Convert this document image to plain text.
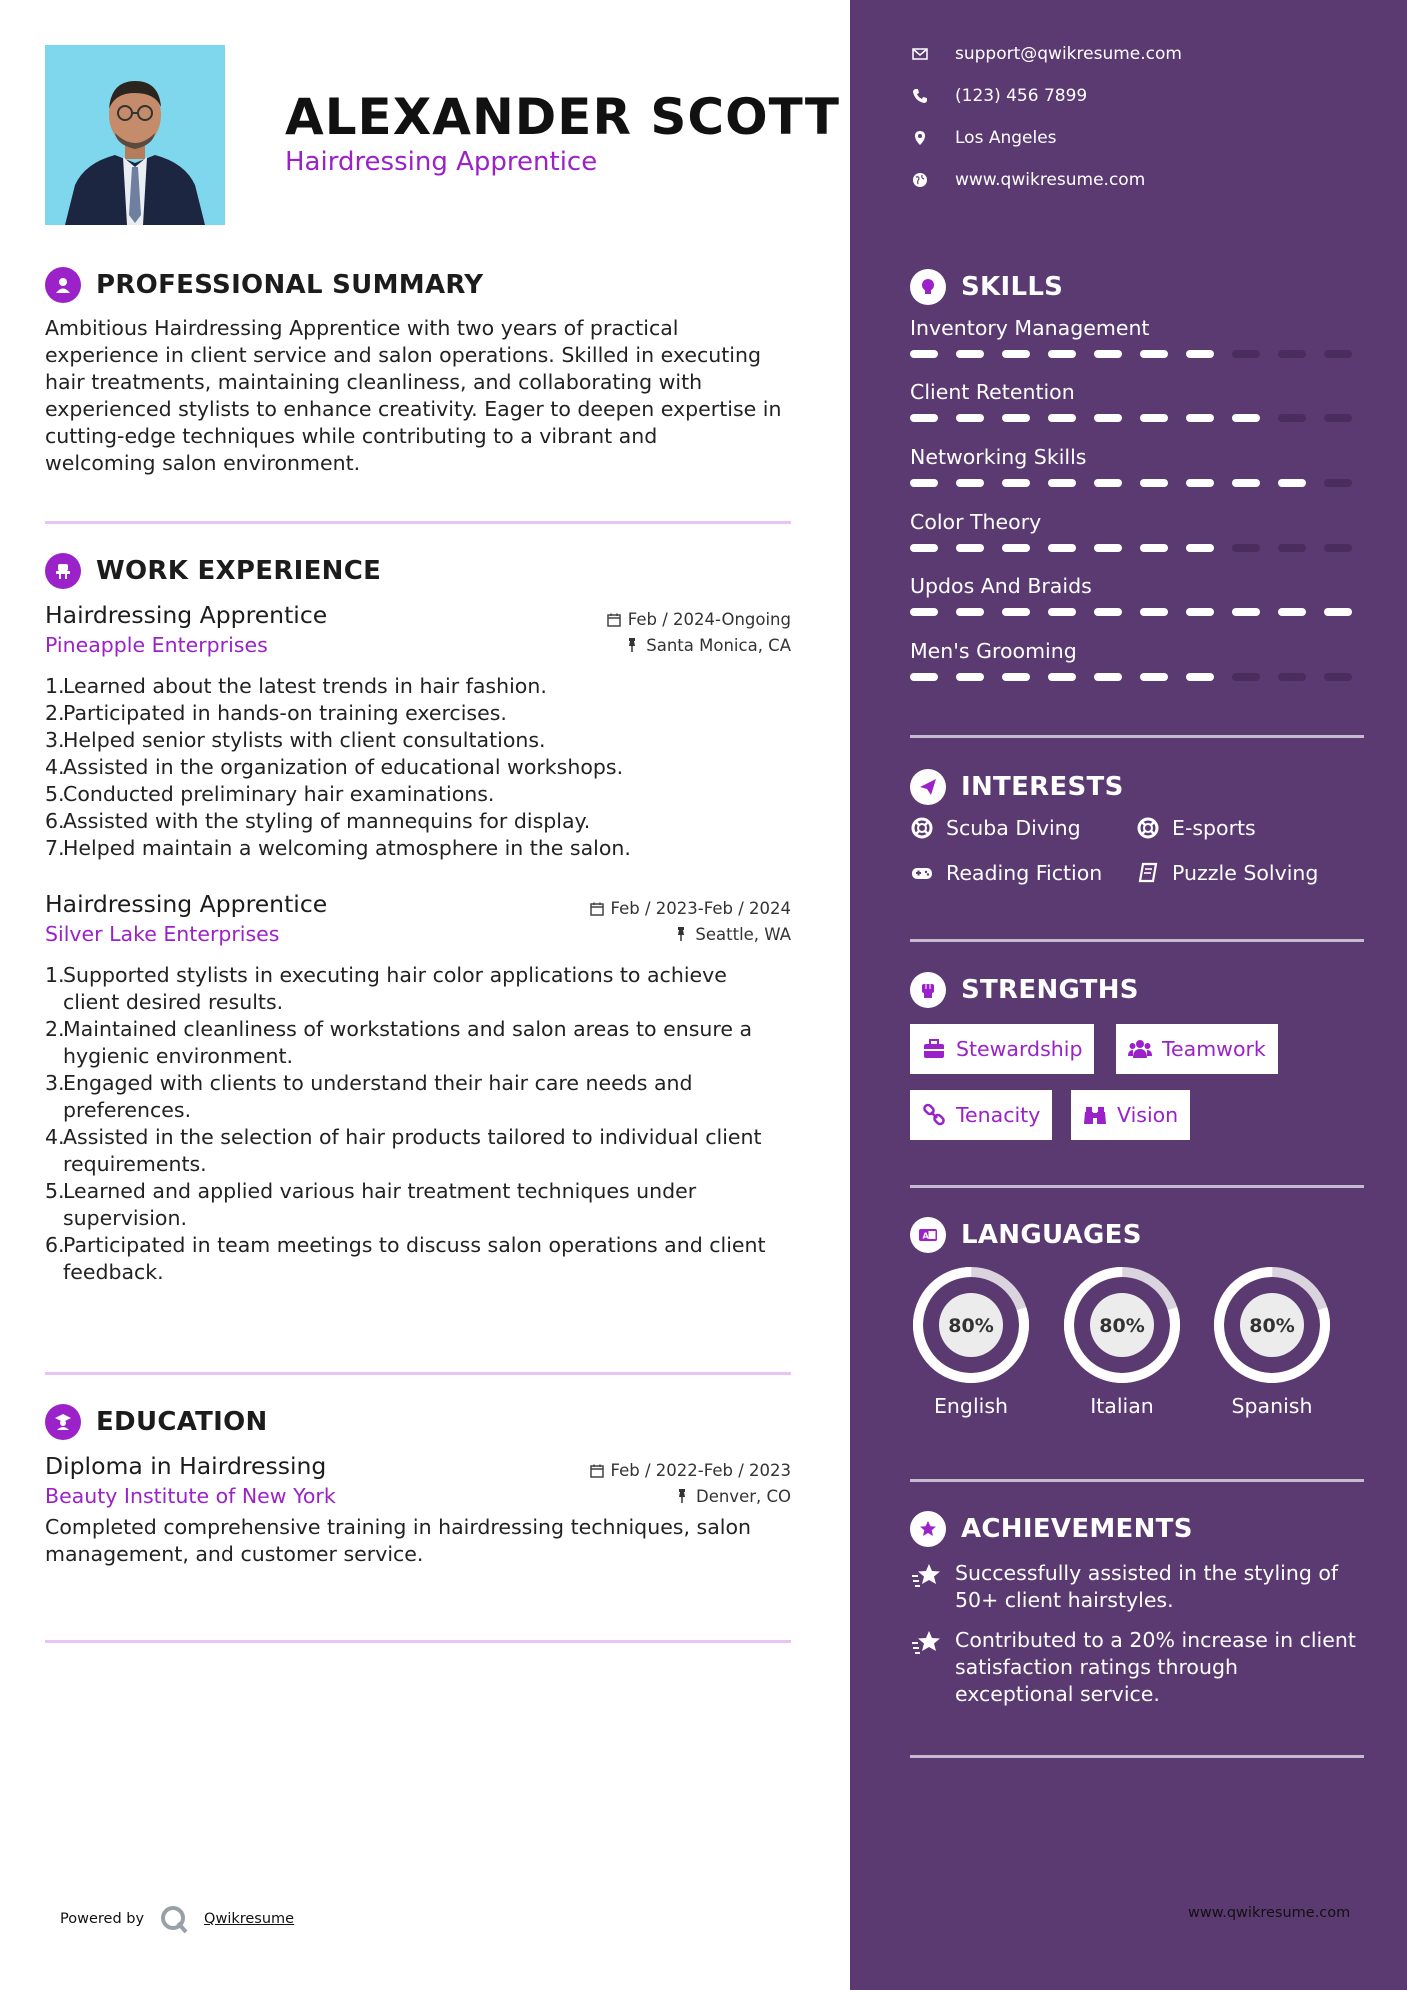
ALEXANDER SCOTT
Hairdressing Apprentice
PROFESSIONAL SUMMARY
Ambitious Hairdressing Apprentice with two years of practical
experience in client service and salon operations. Skilled in executing
hair treatments, maintaining cleanliness, and collaborating with
experienced stylists to enhance creativity. Eager to deepen expertise in
cutting-edge techniques while contributing to a vibrant and
welcoming salon environment.
WORK EXPERIENCE
Hairdressing Apprentice	Feb / 2024-Ongoing
Pineapple Enterprises	Santa Monica, CA
1.
Learned about the latest trends in hair fashion.
2.
Participated in hands-on training exercises.
3.
Helped senior stylists with client consultations.
4.
Assisted in the organization of educational workshops.
5.
Conducted preliminary hair examinations.
6.
Assisted with the styling of mannequins for display.
7.
Helped maintain a welcoming atmosphere in the salon.
Hairdressing Apprentice	Feb / 2023-Feb / 2024
Silver Lake Enterprises	Seattle, WA
1.
Supported stylists in executing hair color applications to achieve
client desired results.
2.
Maintained cleanliness of workstations and salon areas to ensure a
hygienic environment.
3.
Engaged with clients to understand their hair care needs and
preferences.
4.
Assisted in the selection of hair products tailored to individual client
requirements.
5.
Learned and applied various hair treatment techniques under
supervision.
6.
Participated in team meetings to discuss salon operations and client
feedback.
EDUCATION
Diploma in Hairdressing	Feb / 2022-Feb / 2023
Beauty Institute of New York	Denver, CO
Completed comprehensive training in hairdressing techniques, salon
management, and customer service.
Powered by	Qwikresume
support@qwikresume.com
(123) 456 7899
Los Angeles
www.qwikresume.com
SKILLS
Inventory Management
Client Retention
Networking Skills
Color Theory
Updos And Braids
Men's Grooming
INTERESTS
Scuba Diving	E-sports
Reading Fiction	Puzzle Solving
STRENGTHS
Stewardship	Teamwork
Tenacity	Vision
A LANGUAGES
80%
English
80%
Italian
80%
Spanish
ACHIEVEMENTS
Successfully assisted in the styling of
50+ client hairstyles.
Contributed to a 20% increase in client
satisfaction ratings through
exceptional service.
www.qwikresume.com
